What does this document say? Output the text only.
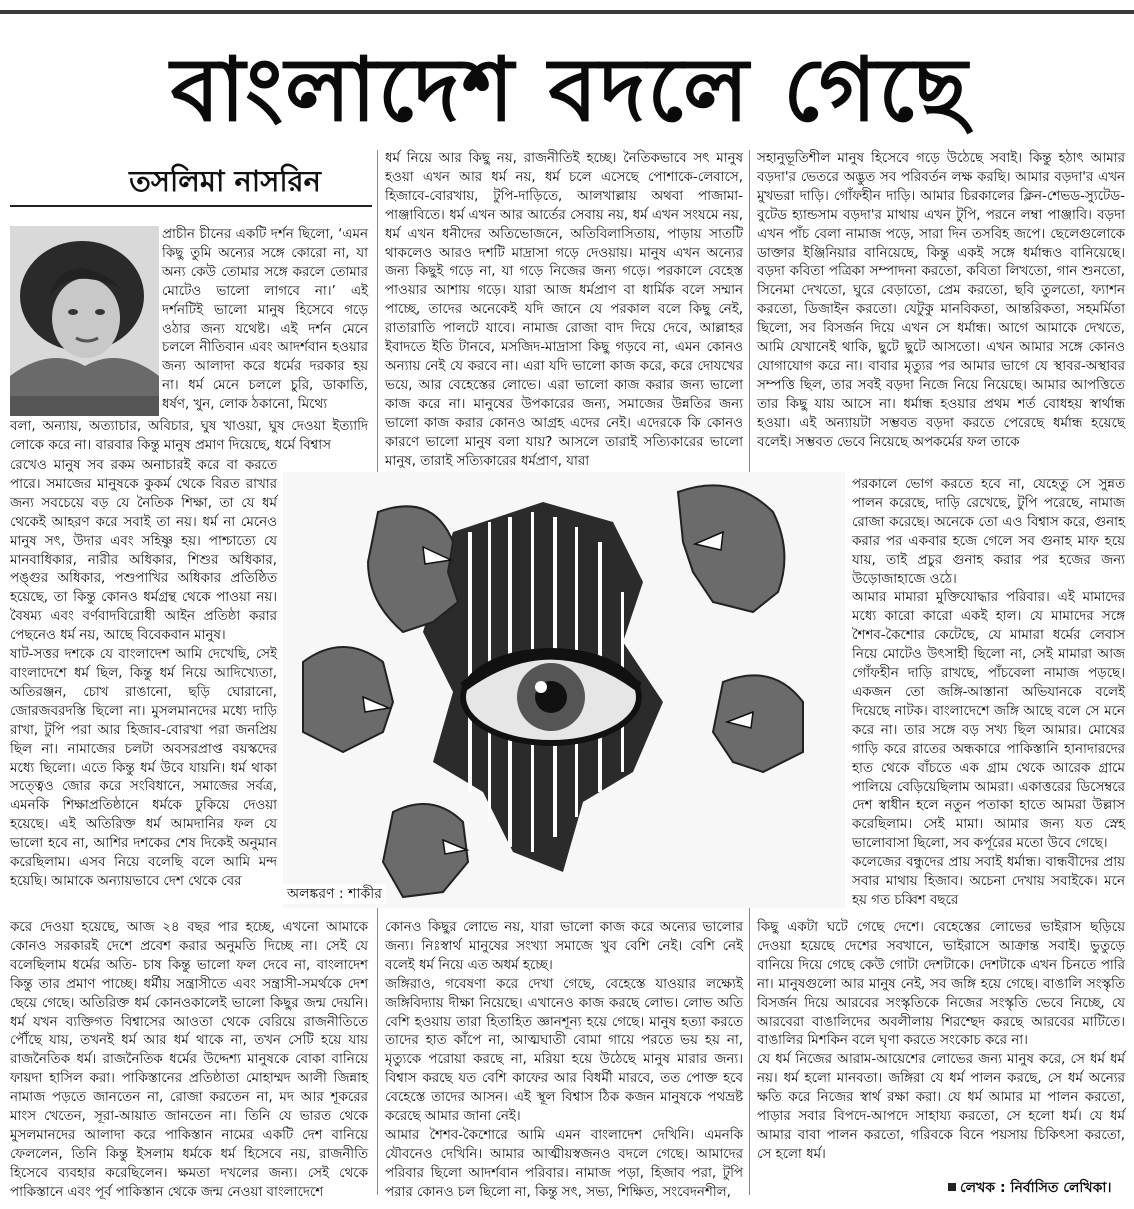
বাংলাদেশ বদলে গেছে
তসলিমা নাসরিন

প্রাচীন চীনের একটি দর্শন ছিলো, ‘এমন কিছু তুমি অন্যের সঙ্গে কোরো না, যা অন্য কেউ তোমার সঙ্গে করলে তোমার মোটেও ভালো লাগবে না।’ এই দর্শনটিই ভালো মানুষ হিসেবে গড়ে ওঠার জন্য যথেষ্ট। এই দর্শন মেনে চললে নীতিবান এবং আদর্শবান হওয়ার জন্য আলাদা করে ধর্মের দরকার হয় না। ধর্ম মেনে চললে চুরি, ডাকাতি, ধর্ষণ, খুন, লোক ঠকানো, মিথ্যে

বলা, অন্যায়, অত্যাচার, অবিচার, ঘুষ খাওয়া, ঘুষ দেওয়া ইত্যাদি লোকে করে না। বারবার কিন্তু মানুষ প্রমাণ দিয়েছে, ধর্মে বিশ্বাস

রেখেও মানুষ সব রকম অনাচারই করে বা করতে পারে। সমাজের মানুষকে কুকর্ম থেকে বিরত রাখার জন্য সবচেয়ে বড় যে নৈতিক শিক্ষা, তা যে ধর্ম থেকেই আহরণ করে সবাই তা নয়। ধর্ম না মেনেও মানুষ সৎ, উদার এবং সহিষ্ণু হয়। পাশ্চাত্যে যে মানবাধিকার, নারীর অধিকার, শিশুর অধিকার, পঙ্গুর অধিকার, পশুপাখির অধিকার প্রতিষ্ঠিত হয়েছে, তা কিন্তু কোনও ধর্মগ্রন্থ থেকে পাওয়া নয়। বৈষম্য এবং বর্ণবাদবিরোধী আইন প্রতিষ্ঠা করার পেছনেও ধর্ম নয়, আছে বিবেকবান মানুষ।

ষাট-সত্তর দশকে যে বাংলাদেশ আমি দেখেছি, সেই বাংলাদেশে ধর্ম ছিল, কিন্তু ধর্ম নিয়ে আদিখ্যেতা, অতিরঞ্জন, চোখ রাঙানো, ছড়ি ঘোরানো, জোরজবরদস্তি ছিলো না। মুসলমানদের মধ্যে দাড়ি রাখা, টুপি পরা আর হিজাব-বোরখা পরা জনপ্রিয় ছিল না। নামাজের চলটা অবসরপ্রাপ্ত বয়স্কদের মধ্যে ছিলো। এতে কিন্তু ধর্ম উবে যায়নি। ধর্ম থাকা সত্ত্বেও জোর করে সংবিধানে, সমাজের সর্বত্র, এমনকি শিক্ষাপ্রতিষ্ঠানে ধর্মকে ঢুকিয়ে দেওয়া হয়েছে। এই অতিরিক্ত ধর্ম আমদানির ফল যে ভালো হবে না, আশির দশকের শেষ দিকেই অনুমান করেছিলাম। এসব নিয়ে বলেছি বলে আমি মন্দ হয়েছি। আমাকে অন্যায়ভাবে দেশ থেকে বের

করে দেওয়া হয়েছে, আজ ২৪ বছর পার হচ্ছে, এখনো আমাকে কোনও সরকারই দেশে প্রবেশ করার অনুমতি দিচ্ছে না। সেই যে বলেছিলাম ধর্মের অতি- চাষ কিন্তু ভালো ফল দেবে না, বাংলাদেশ কিন্তু তার প্রমাণ পাচ্ছে। ধর্মীয় সন্ত্রাসীতে এবং সন্ত্রাসী-সমর্থকে দেশ ছেয়ে গেছে। অতিরিক্ত ধর্ম কোনওকালেই ভালো কিছুর জন্ম দেয়নি। ধর্ম যখন ব্যক্তিগত বিশ্বাসের আওতা থেকে বেরিয়ে রাজনীতিতে পৌঁছে যায়, তখনই ধর্ম আর ধর্ম থাকে না, তখন সেটি হয়ে যায় রাজনৈতিক ধর্ম। রাজনৈতিক ধর্মের উদ্দেশ্য মানুষকে বোকা বানিয়ে ফায়দা হাসিল করা। পাকিস্তানের প্রতিষ্ঠাতা মোহাম্মদ আলী জিন্নাহ নামাজ পড়তে জানতেন না, রোজা করতেন না, মদ আর শূকরের মাংস খেতেন, সূরা-আয়াত জানতেন না। তিনি যে ভারত থেকে মুসলমানদের আলাদা করে পাকিস্তান নামের একটি দেশ বানিয়ে ফেললেন, তিনি কিন্তু ইসলাম ধর্মকে ধর্ম হিসেবে নয়, রাজনীতি হিসেবে ব্যবহার করেছিলেন। ক্ষমতা দখলের জন্য। সেই থেকে পাকিস্তানে এবং পূর্ব পাকিস্তান থেকে জন্ম নেওয়া বাংলাদেশে

ধর্ম নিয়ে আর কিছু নয়, রাজনীতিই হচ্ছে। নৈতিকভাবে সৎ মানুষ হওয়া এখন আর ধর্ম নয়, ধর্ম চলে এসেছে পোশাকে-লেবাসে, হিজাবে-বোরখায়, টুপি-দাড়িতে, আলখাল্লায় অথবা পাজামা-পাঞ্জাবিতে। ধর্ম এখন আর আর্তের সেবায় নয়, ধর্ম এখন সংযমে নয়, ধর্ম এখন ধনীদের অতিভোজনে, অতিবিলাসিতায়, পাড়ায় সাতটি থাকলেও আরও দশটি মাদ্রাসা গড়ে দেওয়ায়। মানুষ এখন অন্যের জন্য কিছুই গড়ে না, যা গড়ে নিজের জন্য গড়ে। পরকালে বেহেস্ত পাওয়ার আশায় গড়ে। যারা আজ ধর্মপ্রাণ বা ধার্মিক বলে সম্মান পাচ্ছে, তাদের অনেকেই যদি জানে যে পরকাল বলে কিছু নেই, রাতারাতি পালটে যাবে। নামাজ রোজা বাদ দিয়ে দেবে, আল্লাহর ইবাদতে ইতি টানবে, মসজিদ-মাদ্রাসা কিছু গড়বে না, এমন কোনও অন্যায় নেই যে করবে না। এরা যদি ভালো কাজ করে, করে দোযখের ভয়ে, আর বেহেস্তের লোভে। এরা ভালো কাজ করার জন্য ভালো কাজ করে না। মানুষের উপকারের জন্য, সমাজের উন্নতির জন্য ভালো কাজ করার কোনও আগ্রহ এদের নেই। এদেরকে কি কোনও কারণে ভালো মানুষ বলা যায়? আসলে তারাই সত্যিকারের ভালো মানুষ, তারাই সত্যিকারের ধর্মপ্রাণ, যারা

কোনও কিছুর লোভে নয়, যারা ভালো কাজ করে অন্যের ভালোর জন্য। নিঃস্বার্থ মানুষের সংখ্যা সমাজে খুব বেশি নেই। বেশি নেই বলেই ধর্ম নিয়ে এত অধর্ম হচ্ছে।

জঙ্গিরাও, গবেষণা করে দেখা গেছে, বেহেস্তে যাওয়ার লক্ষ্যেই জঙ্গিবিদ্যায় দীক্ষা নিয়েছে। এখানেও কাজ করছে লোভ। লোভ অতি বেশি হওয়ায় তারা হিতাহিত জ্ঞানশূন্য হয়ে গেছে। মানুষ হত্যা করতে তাদের হাত কাঁপে না, আত্মঘাতী বোমা গায়ে পরতে ভয় হয় না, মৃত্যুকে পরোয়া করছে না, মরিয়া হয়ে উঠেছে মানুষ মারার জন্য। বিশ্বাস করছে যত বেশি কাফের আর বিধর্মী মারবে, তত পোক্ত হবে বেহেস্তে তাদের আসন। এই স্থূল বিশ্বাস ঠিক কজন মানুষকে পথভ্রষ্ট করেছে আমার জানা নেই।

আমার শৈশব-কৈশোরে আমি এমন বাংলাদেশ দেখিনি। এমনকি যৌবনেও দেখিনি। আমার আত্মীয়স্বজনও বদলে গেছে। আমাদের পরিবার ছিলো আদর্শবান পরিবার। নামাজ পড়া, হিজাব পরা, টুপি পরার কোনও চল ছিলো না, কিন্তু সৎ, সভ্য, শিক্ষিত, সংবেদনশীল,

সহানুভূতিশীল মানুষ হিসেবে গড়ে উঠেছে সবাই। কিন্তু হঠাৎ আমার বড়দা'র ভেতরে অদ্ভুত সব পরিবর্তন লক্ষ করছি। আমার বড়দা'র এখন মুখভরা দাড়ি। গোঁফহীন দাড়ি। আমার চিরকালের ক্লিন-শেভড-স্যুটেড-বুটেড হ্যান্ডসাম বড়দা'র মাথায় এখন টুপি, পরনে লম্বা পাঞ্জাবি। বড়দা এখন পাঁচ বেলা নামাজ পড়ে, সারা দিন তসবিহ জপে। ছেলেগুলোকে ডাক্তার ইঞ্জিনিয়ার বানিয়েছে, কিন্তু একই সঙ্গে ধর্মান্ধও বানিয়েছে। বড়দা কবিতা পত্রিকা সম্পাদনা করতো, কবিতা লিখতো, গান শুনতো, সিনেমা দেখতো, ঘুরে বেড়াতো, প্রেম করতো, ছবি তুলতো, ফ্যাশন করতো, ডিজাইন করতো। যেটুকু মানবিকতা, আন্তরিকতা, সহমর্মিতা ছিলো, সব বিসর্জন দিয়ে এখন সে ধর্মান্ধ। আগে আমাকে দেখতে, আমি যেখানেই থাকি, ছুটে ছুটে আসতো। এখন আমার সঙ্গে কোনও যোগাযোগ করে না। বাবার মৃত্যুর পর আমার ভাগে যে স্থাবর-অস্থাবর সম্পত্তি ছিল, তার সবই বড়দা নিজে নিয়ে নিয়েছে। আমার আপত্তিতে তার কিছু যায় আসে না। ধর্মান্ধ হওয়ার প্রথম শর্ত বোধহয় স্বার্থান্ধ হওয়া। এই অন্যায়টা সম্ভবত বড়দা করতে পেরেছে ধর্মান্ধ হয়েছে বলেই। সম্ভবত ভেবে নিয়েছে অপকর্মের ফল তাকে

পরকালে ভোগ করতে হবে না, যেহেতু সে সুন্নত পালন করেছে, দাড়ি রেখেছে, টুপি পরেছে, নামাজ রোজা করেছে। অনেকে তো এও বিশ্বাস করে, গুনাহ করার পর একবার হজে গেলে সব গুনাহ মাফ হয়ে যায়, তাই প্রচুর গুনাহ করার পর হজের জন্য উড়োজাহাজে ওঠে।

আমার মামারা মুক্তিযোদ্ধার পরিবার। এই মামাদের মধ্যে কারো কারো একই হাল। যে মামাদের সঙ্গে শৈশব-কৈশোর কেটেছে, যে মামারা ধর্মের লেবাস নিয়ে মোটেও উৎসাহী ছিলো না, সেই মামারা আজ গোঁফহীন দাড়ি রাখছে, পাঁচবেলা নামাজ পড়ছে। একজন তো জঙ্গি-আস্তানা অভিযানকে বলেই দিয়েছে নাটক। বাংলাদেশে জঙ্গি আছে বলে সে মনে করে না। তার সঙ্গে বড় সখ্য ছিল আমার। মোষের গাড়ি করে রাতের অন্ধকারে পাকিস্তানি হানাদারদের হাত থেকে বাঁচতে এক গ্রাম থেকে আরেক গ্রামে পালিয়ে বেড়িয়েছিলাম আমরা। একাত্তরের ডিসেম্বরে দেশ স্বাধীন হলে নতুন পতাকা হাতে আমরা উল্লাস করেছিলাম। সেই মামা। আমার জন্য যত স্নেহ ভালোবাসা ছিলো, সব কর্পূরের মতো উবে গেছে।

কলেজের বন্ধুদের প্রায় সবাই ধর্মান্ধ। বান্ধবীদের প্রায় সবার মাথায় হিজাব। অচেনা দেখায় সবাইকে। মনে হয় গত চব্বিশ বছরে

কিছু একটা ঘটে গেছে দেশে। বেহেস্তের লোভের ভাইরাস ছড়িয়ে দেওয়া হয়েছে দেশের সবখানে, ভাইরাসে আক্রান্ত সবাই। ভুতুড়ে বানিয়ে দিয়ে গেছে কেউ গোটা দেশটাকে। দেশটাকে এখন চিনতে পারি না। মানুষগুলো আর মানুষ নেই, সব জঙ্গি হয়ে গেছে। বাঙালি সংস্কৃতি বিসর্জন দিয়ে আরবের সংস্কৃতিকে নিজের সংস্কৃতি ভেবে নিচ্ছে, যে আরবেরা বাঙালিদের অবলীলায় শিরশ্ছেদ করছে আরবের মাটিতে। বাঙালির মিশকিন বলে ঘৃণা করতে সংকোচ করে না।

যে ধর্ম নিজের আরাম-আয়েশের লোভের জন্য মানুষ করে, সে ধর্ম ধর্ম নয়। ধর্ম হলো মানবতা। জঙ্গিরা যে ধর্ম পালন করছে, সে ধর্ম অন্যের ক্ষতি করে নিজের স্বার্থ রক্ষা করা। যে ধর্ম আমার মা পালন করতো, পাড়ার সবার বিপদে-আপদে সাহায্য করতো, সে হলো ধর্ম। যে ধর্ম আমার বাবা পালন করতো, গরিবকে বিনে পয়সায় চিকিৎসা করতো, সে হলো ধর্ম।

অলঙ্করণ : শাকীর
লেখক : নির্বাসিত লেখিকা।
